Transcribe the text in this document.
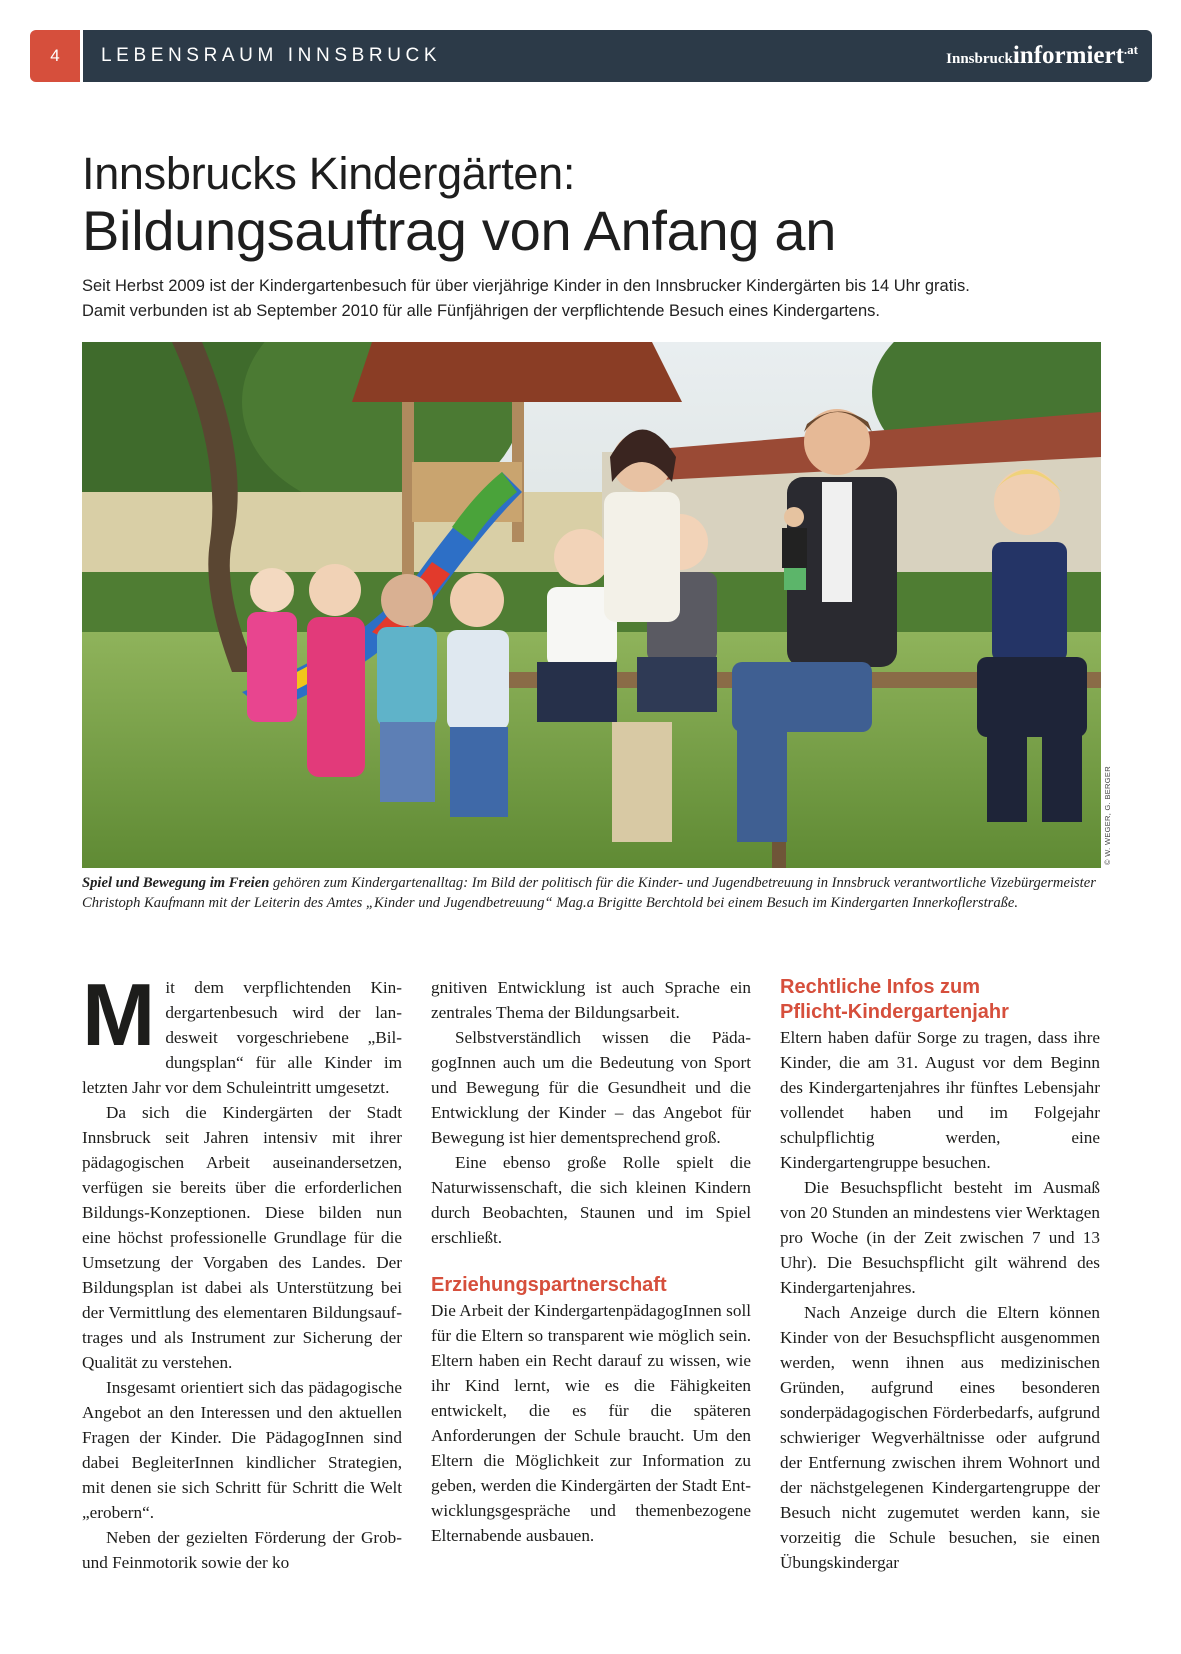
4	LEBENSRAUM INNSBRUCK	Innsbruckinformiert$^{.at}$
Innsbrucks Kindergärten:
Bildungsauftrag von Anfang an

Seit Herbst 2009 ist der Kindergartenbesuch für über vierjährige Kinder in den Innsbrucker Kindergärten bis 14 Uhr gratis.

Damit verbunden ist ab September 2010 für alle Fünfjährigen der verpflichtende Besuch eines Kindergartens.

© W. WEGER, G. BERGER
Spiel und Bewegung im Freien gehören zum Kindergartenalltag: Im Bild der politisch für die Kinder- und Jugendbetreuung in Innsbruck verantwortliche Vizebürgermeister Christoph Kaufmann mit der Leiterin des Amtes „Kinder und Jugendbetreuung“ Mag.a Brigitte Berchtold bei einem Besuch im Kindergarten Innerkoflerstraße.
M it dem verpflichtenden Kindergartenbesuch wird der landesweit vorgeschriebene „Bildungsplan“ für alle Kinder im letzten Jahr vor dem Schuleintritt umgesetzt.

Da sich die Kindergärten der Stadt Innsbruck seit Jahren intensiv mit ihrer pädagogischen Arbeit auseinandersetzen, verfügen sie bereits über die erforderlichen Bildungs-Konzeptionen. Diese bilden nun eine höchst professionelle Grundlage für die Umsetzung der Vorgaben des Landes. Der Bildungsplan ist dabei als Unterstützung bei der Vermittlung des elementaren Bildungsauftrages und als Instrument zur Sicherung der Qualität zu verstehen.

Insgesamt orientiert sich das pädagogische Angebot an den Interessen und den aktuellen Fragen der Kinder. Die PädagogInnen sind dabei BegleiterInnen kindlicher Strategien, mit denen sie sich Schritt für Schritt die Welt „erobern“.

Neben der gezielten Förderung der Grob- und Feinmotorik sowie der ko

gnitiven Entwicklung ist auch Sprache ein zentrales Thema der Bildungsarbeit.

Selbstverständlich wissen die PädagogInnen auch um die Bedeutung von Sport und Bewegung für die Gesundheit und die Entwicklung der Kinder – das Angebot für Bewegung ist hier dementsprechend groß.

Eine ebenso große Rolle spielt die Naturwissenschaft, die sich kleinen Kindern durch Beobachten, Staunen und im Spiel erschließt.

Erziehungspartnerschaft

Die Arbeit der KindergartenpädagogInnen soll für die Eltern so transparent wie möglich sein. Eltern haben ein Recht darauf zu wissen, wie ihr Kind lernt, wie es die Fähigkeiten entwickelt, die es für die späteren Anforderungen der Schule braucht. Um den Eltern die Möglichkeit zur Information zu geben, werden die Kindergärten der Stadt Entwicklungsgespräche und themenbezogene Elternabende ausbauen.

Rechtliche Infos zum
Pflicht-Kindergartenjahr

Eltern haben dafür Sorge zu tragen, dass ihre Kinder, die am 31. August vor dem Beginn des Kindergartenjahres ihr fünftes Lebensjahr vollendet haben und im Folgejahr schulpflichtig werden, eine Kindergartengruppe besuchen.

Die Besuchspflicht besteht im Ausmaß von 20 Stunden an mindestens vier Werktagen pro Woche (in der Zeit zwischen 7 und 13 Uhr). Die Besuchspflicht gilt während des Kindergartenjahres.

Nach Anzeige durch die Eltern können Kinder von der Besuchspflicht ausgenommen werden, wenn ihnen aus medizinischen Gründen, aufgrund eines besonderen sonderpädagogischen Förderbedarfs, aufgrund schwieriger Wegverhältnisse oder aufgrund der Entfernung zwischen ihrem Wohnort und der nächstgelegenen Kindergartengruppe der Besuch nicht zugemutet werden kann, sie vorzeitig die Schule besuchen, sie einen Übungskindergar
